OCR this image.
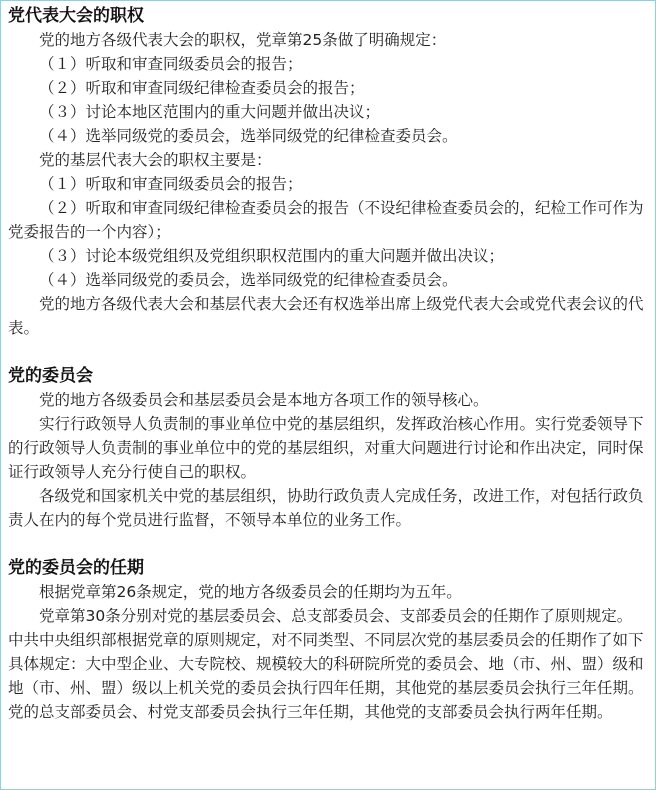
党代表大会的职权

党的地方各级代表大会的职权，党章第25条做了明确规定：

（１）听取和审查同级委员会的报告；

（２）听取和审查同级纪律检查委员会的报告；

（３）讨论本地区范围内的重大问题并做出决议；

（４）选举同级党的委员会，选举同级党的纪律检查委员会。

党的基层代表大会的职权主要是：

（１）听取和审查同级委员会的报告；

（２）听取和审查同级纪律检查委员会的报告（不设纪律检查委员会的，纪检工作可作为党委报告的一个内容）；

（３）讨论本级党组织及党组织职权范围内的重大问题并做出决议；

（４）选举同级党的委员会，选举同级党的纪律检查委员会。

党的地方各级代表大会和基层代表大会还有权选举出席上级党代表大会或党代表会议的代表。

党的委员会

党的地方各级委员会和基层委员会是本地方各项工作的领导核心。

实行行政领导人负责制的事业单位中党的基层组织，发挥政治核心作用。实行党委领导下的行政领导人负责制的事业单位中的党的基层组织，对重大问题进行讨论和作出决定，同时保证行政领导人充分行使自己的职权。

各级党和国家机关中党的基层组织，协助行政负责人完成任务，改进工作，对包括行政负责人在内的每个党员进行监督，不领导本单位的业务工作。

党的委员会的任期

根据党章第26条规定，党的地方各级委员会的任期均为五年。

党章第30条分别对党的基层委员会、总支部委员会、支部委员会的任期作了原则规定。中共中央组织部根据党章的原则规定，对不同类型、不同层次党的基层委员会的任期作了如下具体规定：大中型企业、大专院校、规模较大的科研院所党的委员会、地（市、州、盟）级和地（市、州、盟）级以上机关党的委员会执行四年任期，其他党的基层委员会执行三年任期。党的总支部委员会、村党支部委员会执行三年任期，其他党的支部委员会执行两年任期。
